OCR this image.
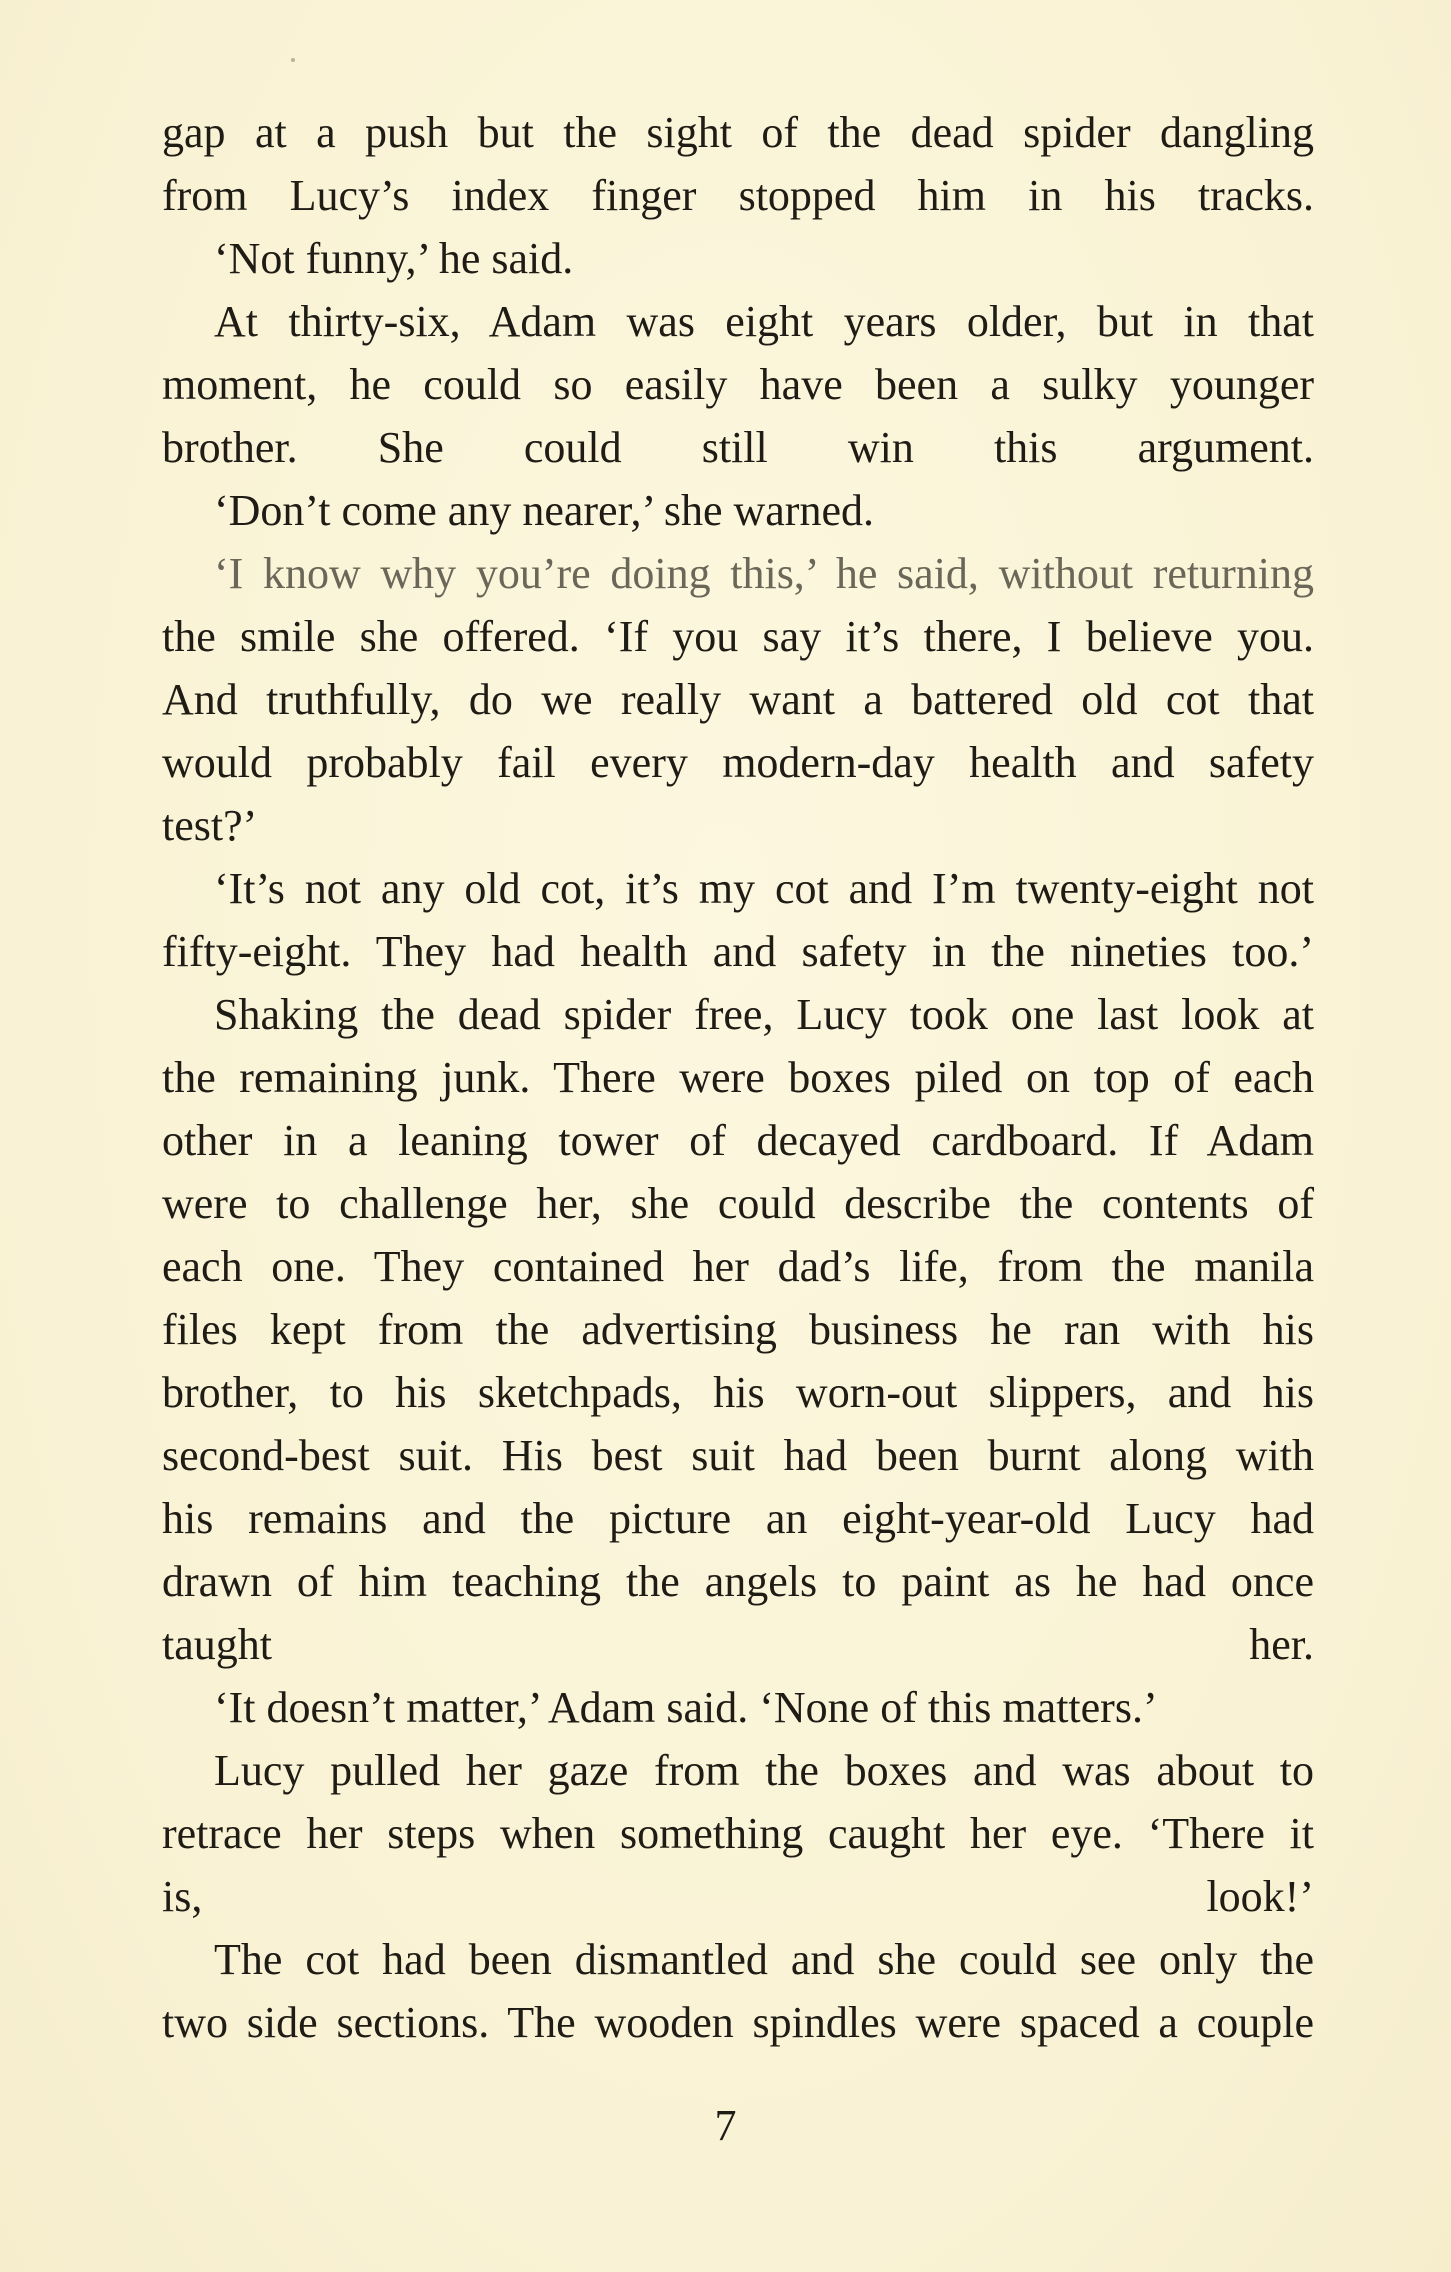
gap at a push but the sight of the dead spider dangling
from Lucy’s index finger stopped him in his tracks.

‘Not funny,’ he said.

At thirty-six, Adam was eight years older, but in that
moment, he could so easily have been a sulky younger
brother. She could still win this argument.

‘Don’t come any nearer,’ she warned.

‘I know why you’re doing this,’ he said, without returning
the smile she offered. ‘If you say it’s there, I believe you.
And truthfully, do we really want a battered old cot that
would probably fail every modern-day health and safety
test?’

‘It’s not any old cot, it’s my cot and I’m twenty-eight not
fifty-eight. They had health and safety in the nineties too.’

Shaking the dead spider free, Lucy took one last look at
the remaining junk. There were boxes piled on top of each
other in a leaning tower of decayed cardboard. If Adam
were to challenge her, she could describe the contents of
each one. They contained her dad’s life, from the manila
files kept from the advertising business he ran with his
brother, to his sketchpads, his worn-out slippers, and his
second-best suit. His best suit had been burnt along with
his remains and the picture an eight-year-old Lucy had
drawn of him teaching the angels to paint as he had once
taught her.

‘It doesn’t matter,’ Adam said. ‘None of this matters.’

Lucy pulled her gaze from the boxes and was about to
retrace her steps when something caught her eye. ‘There it
is, look!’

The cot had been dismantled and she could see only the
two side sections. The wooden spindles were spaced a couple

7
